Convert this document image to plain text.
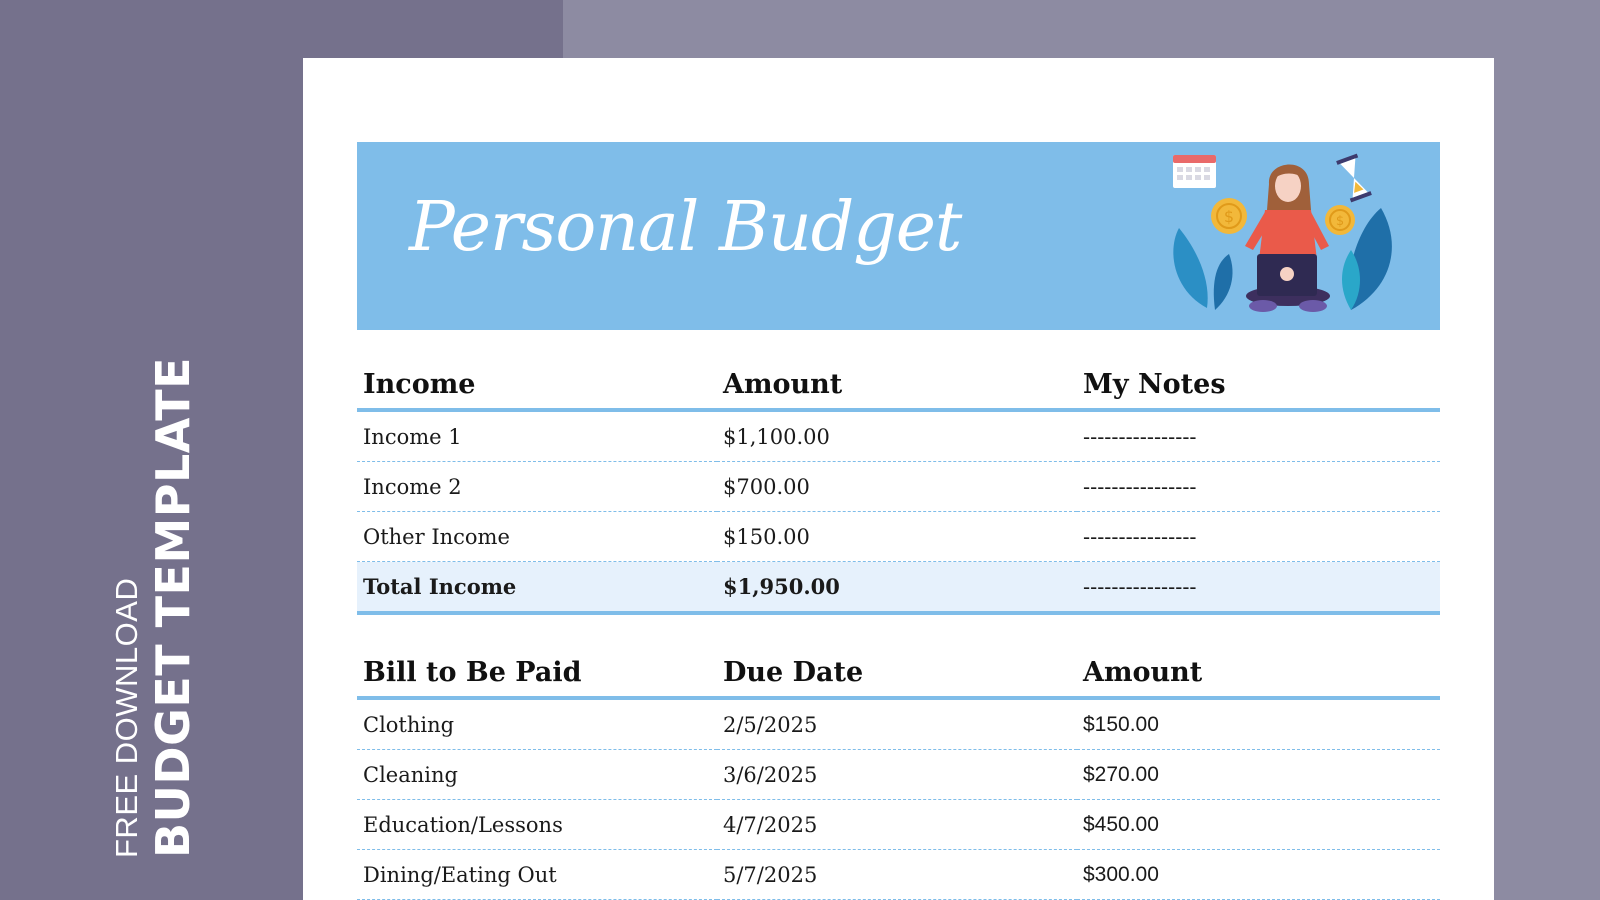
FREE DOWNLOAD BUDGET TEMPLATE
Personal Budget	$	$
Income	Amount	My Notes
Income 1	$1,100.00	----------------
Income 2	$700.00	----------------
Other Income	$150.00	----------------
Total Income	$1,950.00	----------------
Bill to Be Paid	Due Date	Amount
Clothing	2/5/2025	$150.00
Cleaning	3/6/2025	$270.00
Education/Lessons	4/7/2025	$450.00
Dining/Eating Out	5/7/2025	$300.00
